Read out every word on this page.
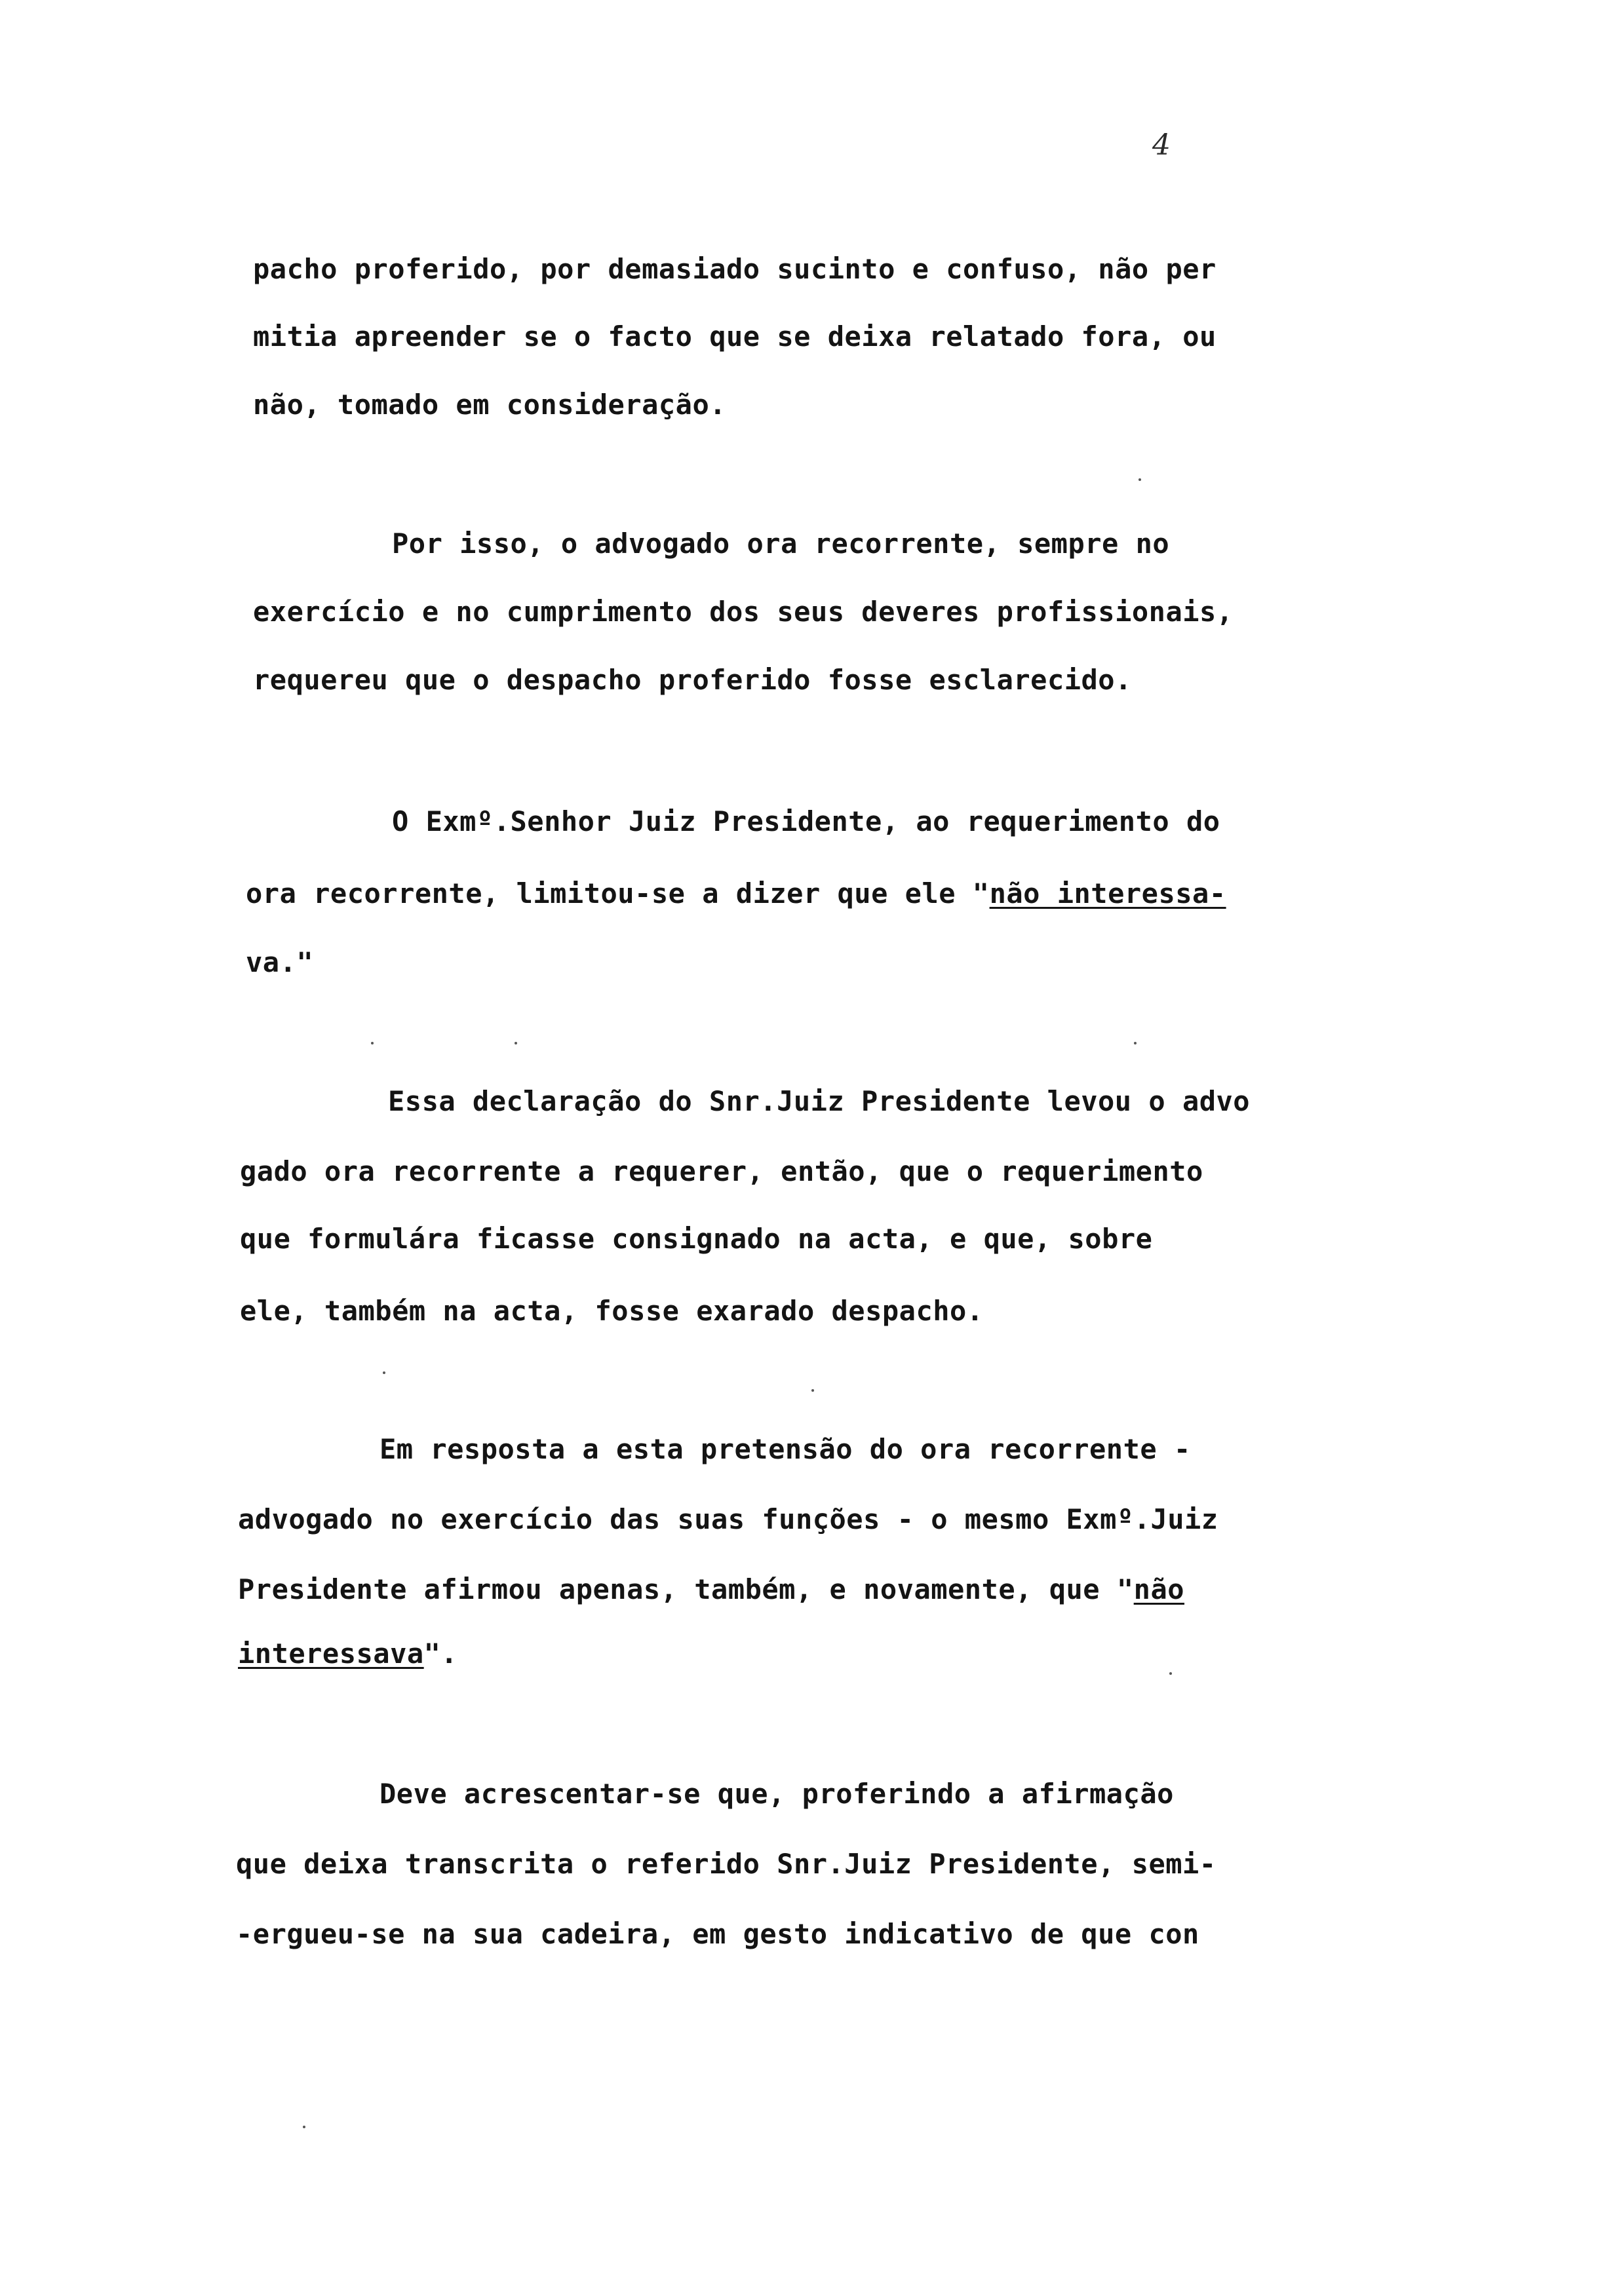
4
pacho proferido, por demasiado sucinto e confuso, não per
mitia apreender se o facto que se deixa relatado fora, ou
não, tomado em consideração.
Por isso, o advogado ora recorrente, sempre no
exercício e no cumprimento dos seus deveres profissionais,
requereu que o despacho proferido fosse esclarecido.
O Exmº.Senhor Juiz Presidente, ao requerimento do
ora recorrente, limitou-se a dizer que ele "não interessa-
va."
Essa declaração do Snr.Juiz Presidente levou o advo
gado ora recorrente a requerer, então, que o requerimento
que formulára ficasse consignado na acta, e que, sobre
ele, também na acta, fosse exarado despacho.
Em resposta a esta pretensão do ora recorrente -
advogado no exercício das suas funções - o mesmo Exmº.Juiz
Presidente afirmou apenas, também, e novamente, que "não
interessava".
Deve acrescentar-se que, proferindo a afirmação
que deixa transcrita o referido Snr.Juiz Presidente, semi-
-ergueu-se na sua cadeira, em gesto indicativo de que con
